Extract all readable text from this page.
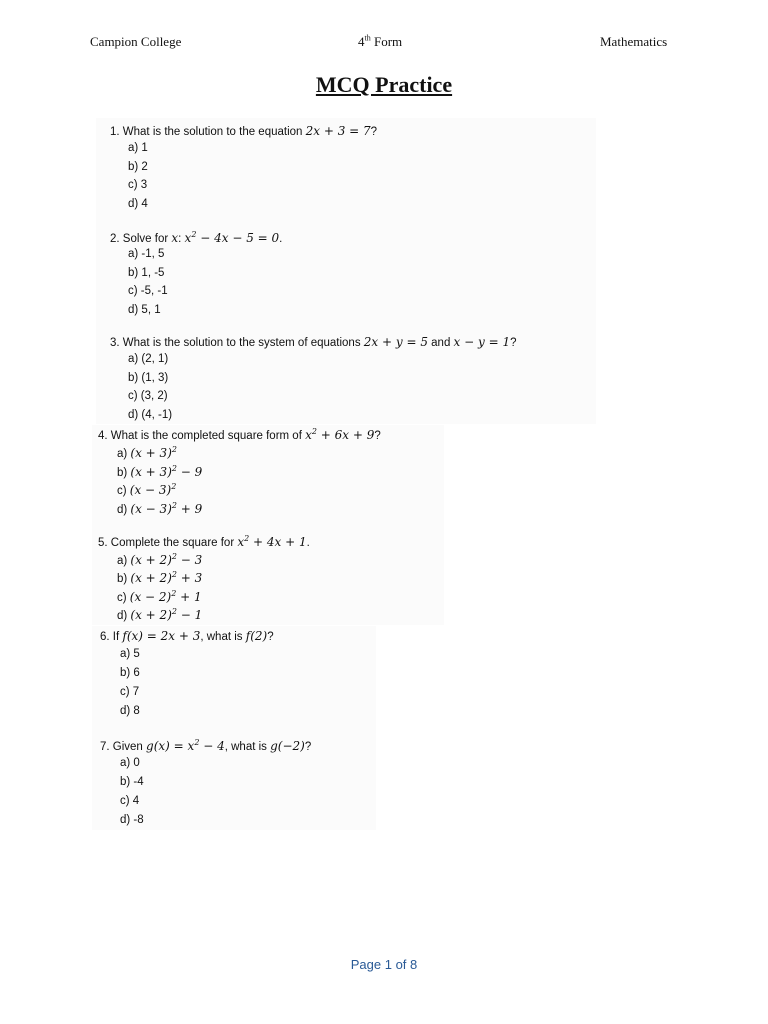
Campion College	4th Form	Mathematics
MCQ Practice
1. What is the solution to the equation 2x + 3 = 7?
a) 1
b) 2
c) 3
d) 4
2. Solve for x: $x^2 - 4x - 5 = 0$.
a) -1, 5
b) 1, -5
c) -5, -1
d) 5, 1
3. What is the solution to the system of equations 2x + y = 5 and x − y = 1?
a) (2, 1)
b) (1, 3)
c) (3, 2)
d) (4, -1)
4. What is the completed square form of $x^2 + 6x + 9$?
a) $(x + 3)^2$
b) $(x + 3)^2 - 9$
c) $(x - 3)^2$
d) $(x - 3)^2 + 9$
5. Complete the square for $x^2 + 4x + 1$.
a) $(x + 2)^2 - 3$
b) $(x + 2)^2 + 3$
c) $(x - 2)^2 + 1$
d) $(x + 2)^2 - 1$
6. If f(x) = 2x + 3, what is f(2)?
a) 5
b) 6
c) 7
d) 8
7. Given $g(x) = x^2 - 4$, what is g(−2)?
a) 0
b) -4
c) 4
d) -8
Page 1 of 8
